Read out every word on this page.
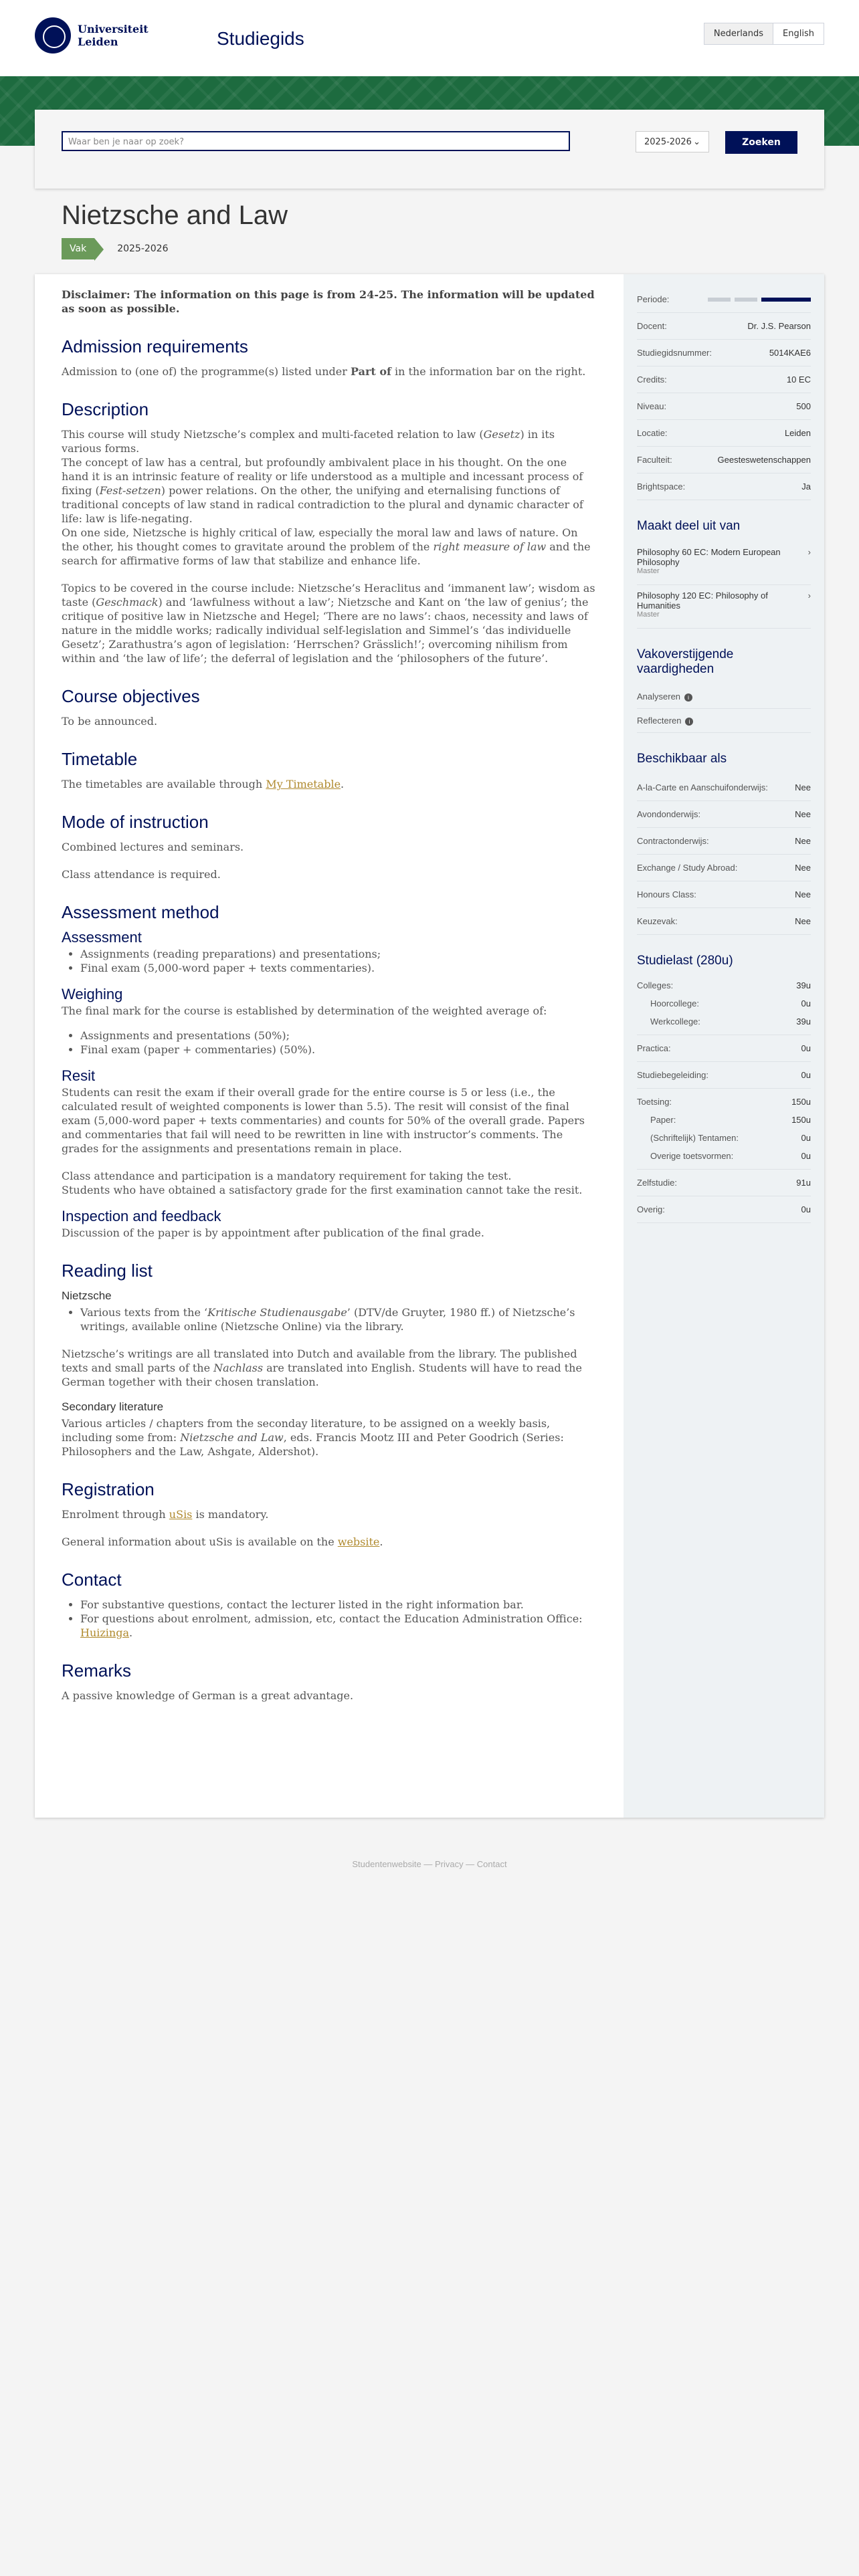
Universiteit
Leiden	Studiegids	Nederlands	English
Waar ben je naar op zoek?	2025-2026 ⌄	Zoeken
Nietzsche and Law
Vak	2025-2026

Disclaimer: The information on this page is from 24-25. The information will be updated as soon as possible.

Admission requirements

Admission to (one of) the programme(s) listed under Part of in the information bar on the right.

Description

This course will study Nietzsche’s complex and multi-faceted relation to law (Gesetz) in its various forms.

The concept of law has a central, but profoundly ambivalent place in his thought. On the one hand it is an intrinsic feature of reality or life understood as a multiple and incessant process of fixing (Fest-setzen) power relations. On the other, the unifying and eternalising functions of traditional concepts of law stand in radical contradiction to the plural and dynamic character of life: law is life-negating.

On one side, Nietzsche is highly critical of law, especially the moral law and laws of nature. On the other, his thought comes to gravitate around the problem of the right measure of law and the search for affirmative forms of law that stabilize and enhance life.

Topics to be covered in the course include: Nietzsche’s Heraclitus and ‘immanent law’; wisdom as taste (Geschmack) and ‘lawfulness without a law’; Nietzsche and Kant on ‘the law of genius’; the critique of positive law in Nietzsche and Hegel; ‘There are no laws’: chaos, necessity and laws of nature in the middle works; radically individual self-legislation and Simmel’s ‘das individuelle Gesetz’; Zarathustra’s agon of legislation: ‘Herrschen? Grässlich!’; overcoming nihilism from within and ‘the law of life’; the deferral of legislation and the ‘philosophers of the future’.

Course objectives

To be announced.

Timetable

The timetables are available through My Timetable.

Mode of instruction

Combined lectures and seminars.

Class attendance is required.

Assessment method
Assessment
• Assignments (reading preparations) and presentations;
• Final exam (5,000-word paper + texts commentaries).
Weighing

The final mark for the course is established by determination of the weighted average of:

• Assignments and presentations (50%);
• Final exam (paper + commentaries) (50%).
Resit

Students can resit the exam if their overall grade for the entire course is 5 or less (i.e., the calculated result of weighted components is lower than 5.5). The resit will consist of the final exam (5,000-word paper + texts commentaries) and counts for 50% of the overall grade. Papers and commentaries that fail will need to be rewritten in line with instructor’s comments. The grades for the assignments and presentations remain in place.

Class attendance and participation is a mandatory requirement for taking the test.
Students who have obtained a satisfactory grade for the first examination cannot take the resit.

Inspection and feedback

Discussion of the paper is by appointment after publication of the final grade.

Reading list
Nietzsche
• Various texts from the ‘Kritische Studienausgabe’ (DTV/de Gruyter, 1980 ff.) of Nietzsche’s writings, available online (Nietzsche Online) via the library.

Nietzsche’s writings are all translated into Dutch and available from the library. The published texts and small parts of the Nachlass are translated into English. Students will have to read the German together with their chosen translation.

Secondary literature

Various articles / chapters from the seconday literature, to be assigned on a weekly basis, including some from: Nietzsche and Law, eds. Francis Mootz III and Peter Goodrich (Series: Philosophers and the Law, Ashgate, Aldershot).

Registration

Enrolment through uSis is mandatory.

General information about uSis is available on the website.

Contact
• For substantive questions, contact the lecturer listed in the right information bar.
• For questions about enrolment, admission, etc, contact the Education Administration Office: Huizinga.
Remarks

A passive knowledge of German is a great advantage.

Periode:
Docent:	Dr. J.S. Pearson
Studiegidsnummer:	5014KAE6
Credits:	10 EC
Niveau:	500
Locatie:	Leiden
Faculteit:	Geesteswetenschappen
Brightspace:	Ja
Maakt deel uit van
Philosophy 60 EC: Modern European Philosophy
›
Master
Philosophy 120 EC: Philosophy of Humanities
›
Master
Vakoverstijgende vaardigheden
Analyseren i
Reflecteren i
Beschikbaar als
A-la-Carte en Aanschuifonderwijs:	Nee
Avondonderwijs:	Nee
Contractonderwijs:	Nee
Exchange / Study Abroad:	Nee
Honours Class:	Nee
Keuzevak:	Nee
Studielast (280u)
Colleges:	39u
Hoorcollege:	0u
Werkcollege:	39u
Practica:	0u
Studiebegeleiding:	0u
Toetsing:	150u
Paper:	150u
(Schriftelijk) Tentamen:	0u
Overige toetsvormen:	0u
Zelfstudie:	91u
Overig:	0u
Studentenwebsite — Privacy — Contact
